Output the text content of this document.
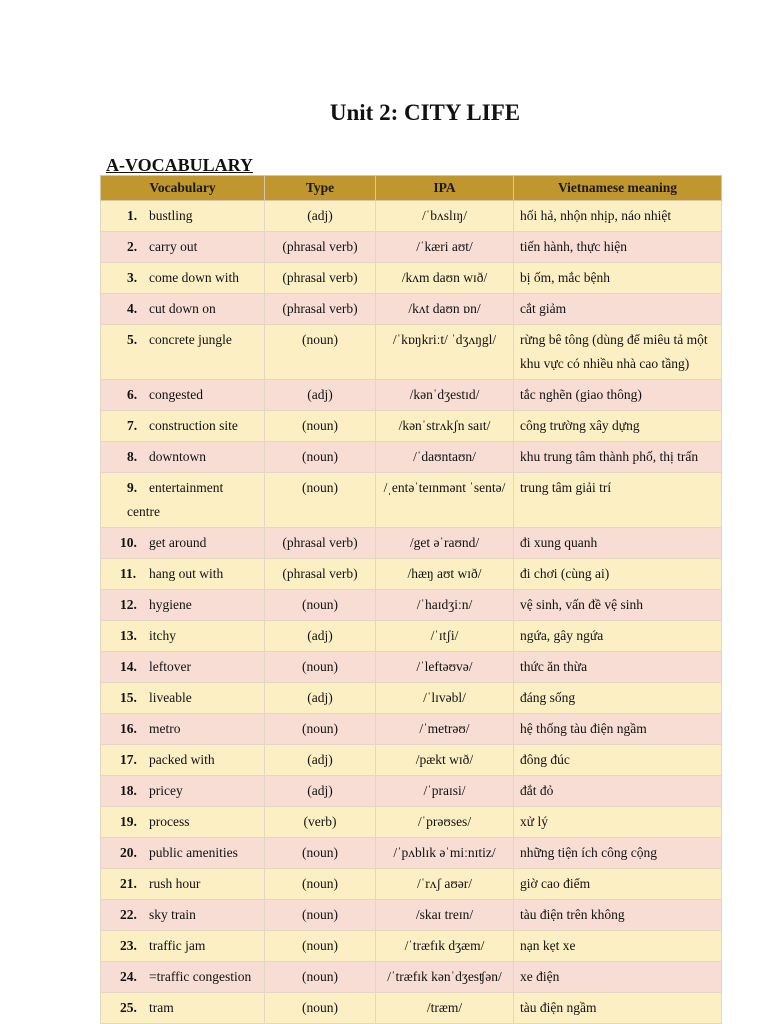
Unit 2: CITY LIFE
A-VOCABULARY
Vocabulary	Type	IPA	Vietnamese meaning
1. bustling	(adj)	/ˈbʌslɪŋ/	hối hả, nhộn nhịp, náo nhiệt
2. carry out	(phrasal verb)	/ˈkæri aʊt/	tiến hành, thực hiện
3. come down with	(phrasal verb)	/kʌm daʊn wɪð/	bị ốm, mắc bệnh
4. cut down on	(phrasal verb)	/kʌt daʊn ɒn/	cắt giảm
5. concrete jungle	(noun)	/ˈkɒŋkriːt/ ˈdʒʌŋgl/	rừng bê tông (dùng để miêu tả một khu vực có nhiều nhà cao tầng)
6. congested	(adj)	/kənˈdʒestɪd/	tắc nghẽn (giao thông)
7. construction site	(noun)	/kənˈstrʌkʃn saɪt/	công trường xây dựng
8. downtown	(noun)	/ˈdaʊntaʊn/	khu trung tâm thành phố, thị trấn
9. entertainment centre	(noun)	/ˌentəˈteɪnmənt ˈsentə/	trung tâm giải trí
10. get around	(phrasal verb)	/get əˈraʊnd/	đi xung quanh
11. hang out with	(phrasal verb)	/hæŋ aʊt wɪð/	đi chơi (cùng ai)
12. hygiene	(noun)	/ˈhaɪdʒiːn/	vệ sinh, vấn đề vệ sinh
13. itchy	(adj)	/ˈɪtʃi/	ngứa, gây ngứa
14. leftover	(noun)	/ˈleftəʊvə/	thức ăn thừa
15. liveable	(adj)	/ˈlɪvəbl/	đáng sống
16. metro	(noun)	/ˈmetrəʊ/	hệ thống tàu điện ngầm
17. packed with	(adj)	/pækt wɪð/	đông đúc
18. pricey	(adj)	/ˈpraɪsi/	đắt đỏ
19. process	(verb)	/ˈprəʊses/	xử lý
20. public amenities	(noun)	/ˈpʌblɪk əˈmiːnɪtiz/	những tiện ích công cộng
21. rush hour	(noun)	/ˈrʌʃ aʊər/	giờ cao điểm
22. sky train	(noun)	/skaɪ treɪn/	tàu điện trên không
23. traffic jam	(noun)	/ˈtræfɪk dʒæm/	nạn kẹt xe
24. =traffic congestion	(noun)	/ˈtræfɪk kənˈdʒesʧən/	xe điện
25. tram	(noun)	/træm/	tàu điện ngầm
